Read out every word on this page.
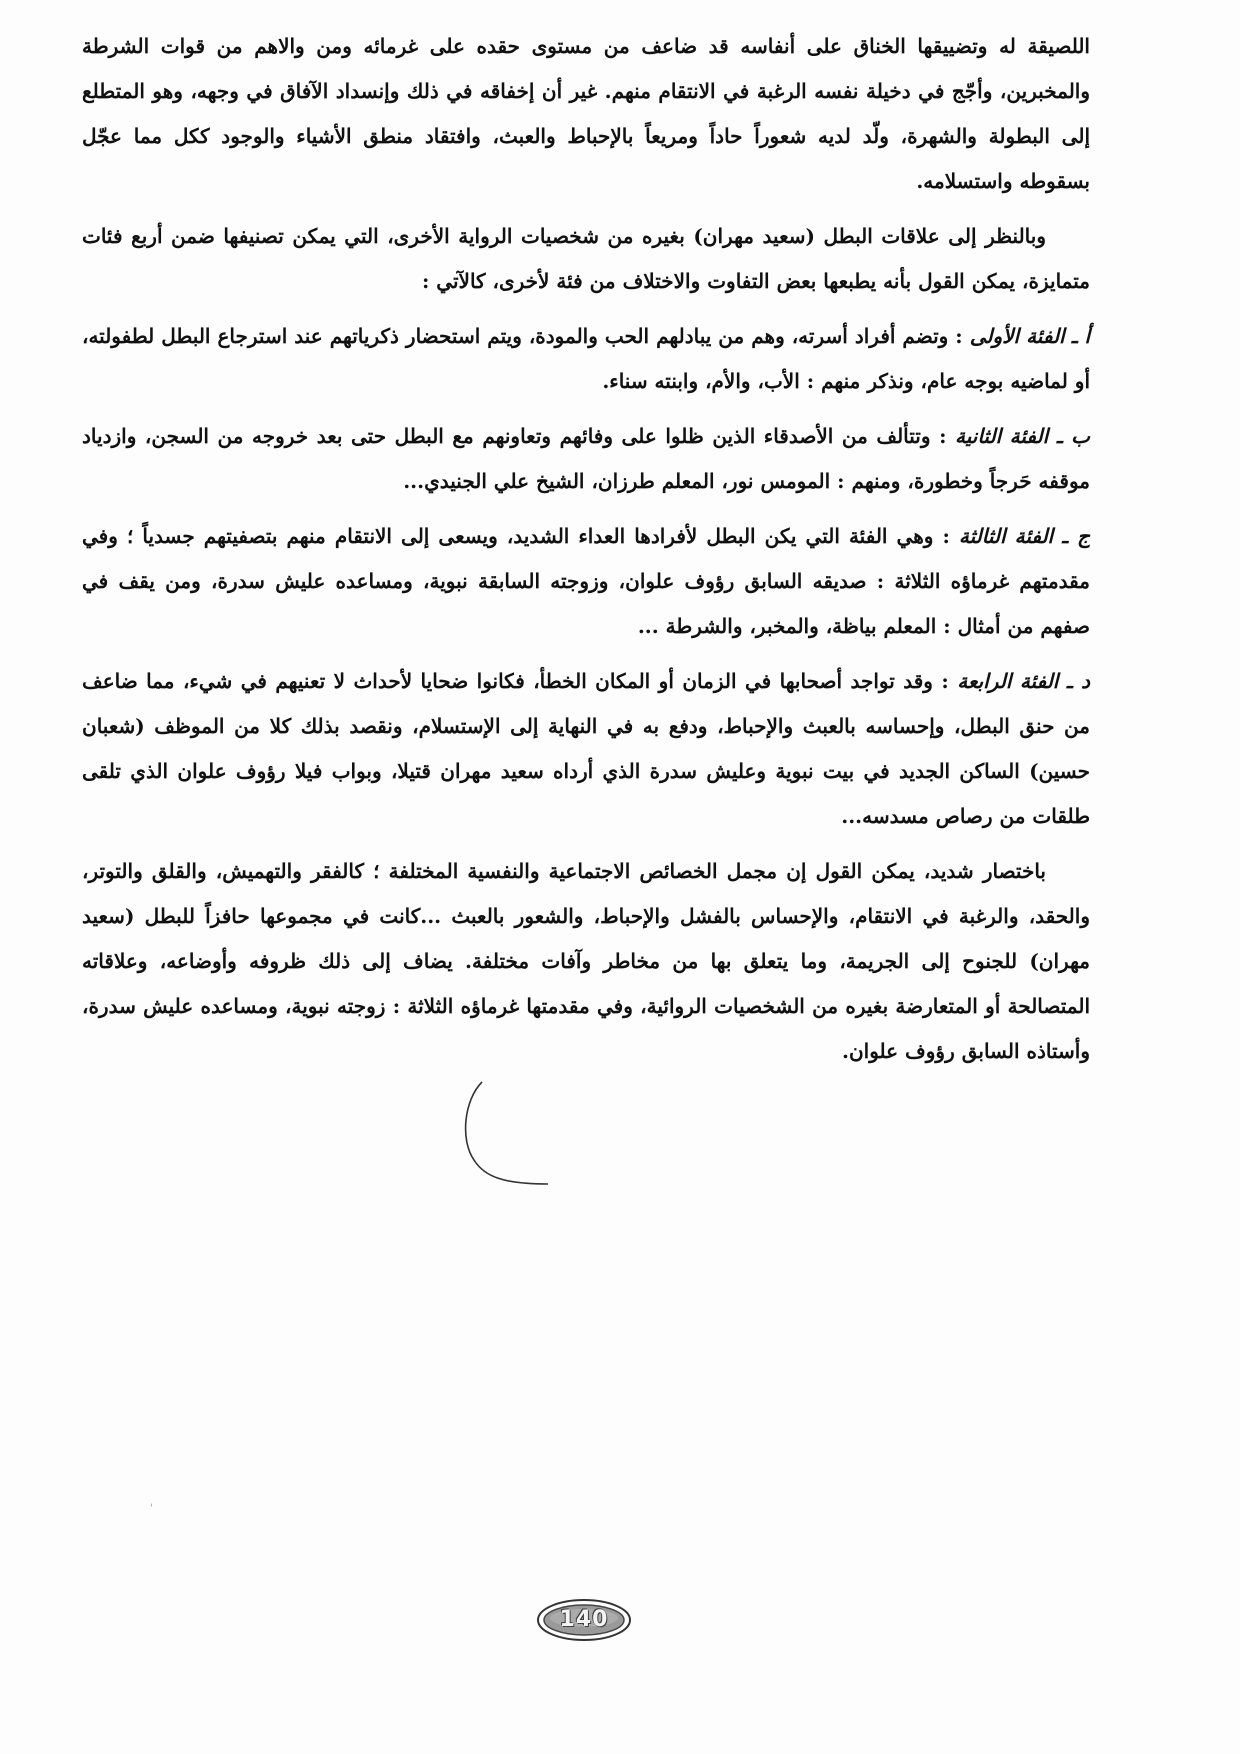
اللصيقة له وتضييقها الخناق على أنفاسه قد ضاعف من مستوى حقده على غرمائه ومن والاهم من قوات الشرطة والمخبرين، وأجّج في دخيلة نفسه الرغبة في الانتقام منهم. غير أن إخفاقه في ذلك وإنسداد الآفاق في وجهه، وهو المتطلع إلى البطولة والشهرة، ولّد لديه شعوراً حاداً ومريعاً بالإحباط والعبث، وافتقاد منطق الأشياء والوجود ككل مما عجّل بسقوطه واستسلامه.

وبالنظر إلى علاقات البطل (سعيد مهران) بغيره من شخصيات الرواية الأخرى، التي يمكن تصنيفها ضمن أربع فئات متمايزة، يمكن القول بأنه يطبعها بعض التفاوت والاختلاف من فئة لأخرى، كالآتي :

أ ـ الفئة الأولى : وتضم أفراد أسرته، وهم من يبادلهم الحب والمودة، ويتم استحضار ذكرياتهم عند استرجاع البطل لطفولته، أو لماضيه بوجه عام، ونذكر منهم : الأب، والأم، وابنته سناء.

ب ـ الفئة الثانية : وتتألف من الأصدقاء الذين ظلوا على وفائهم وتعاونهم مع البطل حتى بعد خروجه من السجن، وازدياد موقفه حَرجاً وخطورة، ومنهم : المومس نور، المعلم طرزان، الشيخ علي الجنيدي...

ج ـ الفئة الثالثة : وهي الفئة التي يكن البطل لأفرادها العداء الشديد، ويسعى إلى الانتقام منهم بتصفيتهم جسدياً ؛ وفي مقدمتهم غرماؤه الثلاثة : صديقه السابق رؤوف علوان، وزوجته السابقة نبوية، ومساعده عليش سدرة، ومن يقف في صفهم من أمثال : المعلم بياظة، والمخبر، والشرطة ...

د ـ الفئة الرابعة : وقد تواجد أصحابها في الزمان أو المكان الخطأ، فكانوا ضحايا لأحداث لا تعنيهم في شيء، مما ضاعف من حنق البطل، وإحساسه بالعبث والإحباط، ودفع به في النهاية إلى الإستسلام، ونقصد بذلك كلا من الموظف (شعبان حسين) الساكن الجديد في بيت نبوية وعليش سدرة الذي أرداه سعيد مهران قتيلا، وبواب فيلا رؤوف علوان الذي تلقى طلقات من رصاص مسدسه...

باختصار شديد، يمكن القول إن مجمل الخصائص الاجتماعية والنفسية المختلفة ؛ كالفقر والتهميش، والقلق والتوتر، والحقد، والرغبة في الانتقام، والإحساس بالفشل والإحباط، والشعور بالعبث ...كانت في مجموعها حافزاً للبطل (سعيد مهران) للجنوح إلى الجريمة، وما يتعلق بها من مخاطر وآفات مختلفة. يضاف إلى ذلك ظروفه وأوضاعه، وعلاقاته المتصالحة أو المتعارضة بغيره من الشخصيات الروائية، وفي مقدمتها غرماؤه الثلاثة : زوجته نبوية، ومساعده عليش سدرة، وأستاذه السابق رؤوف علوان.

ˌ
140
